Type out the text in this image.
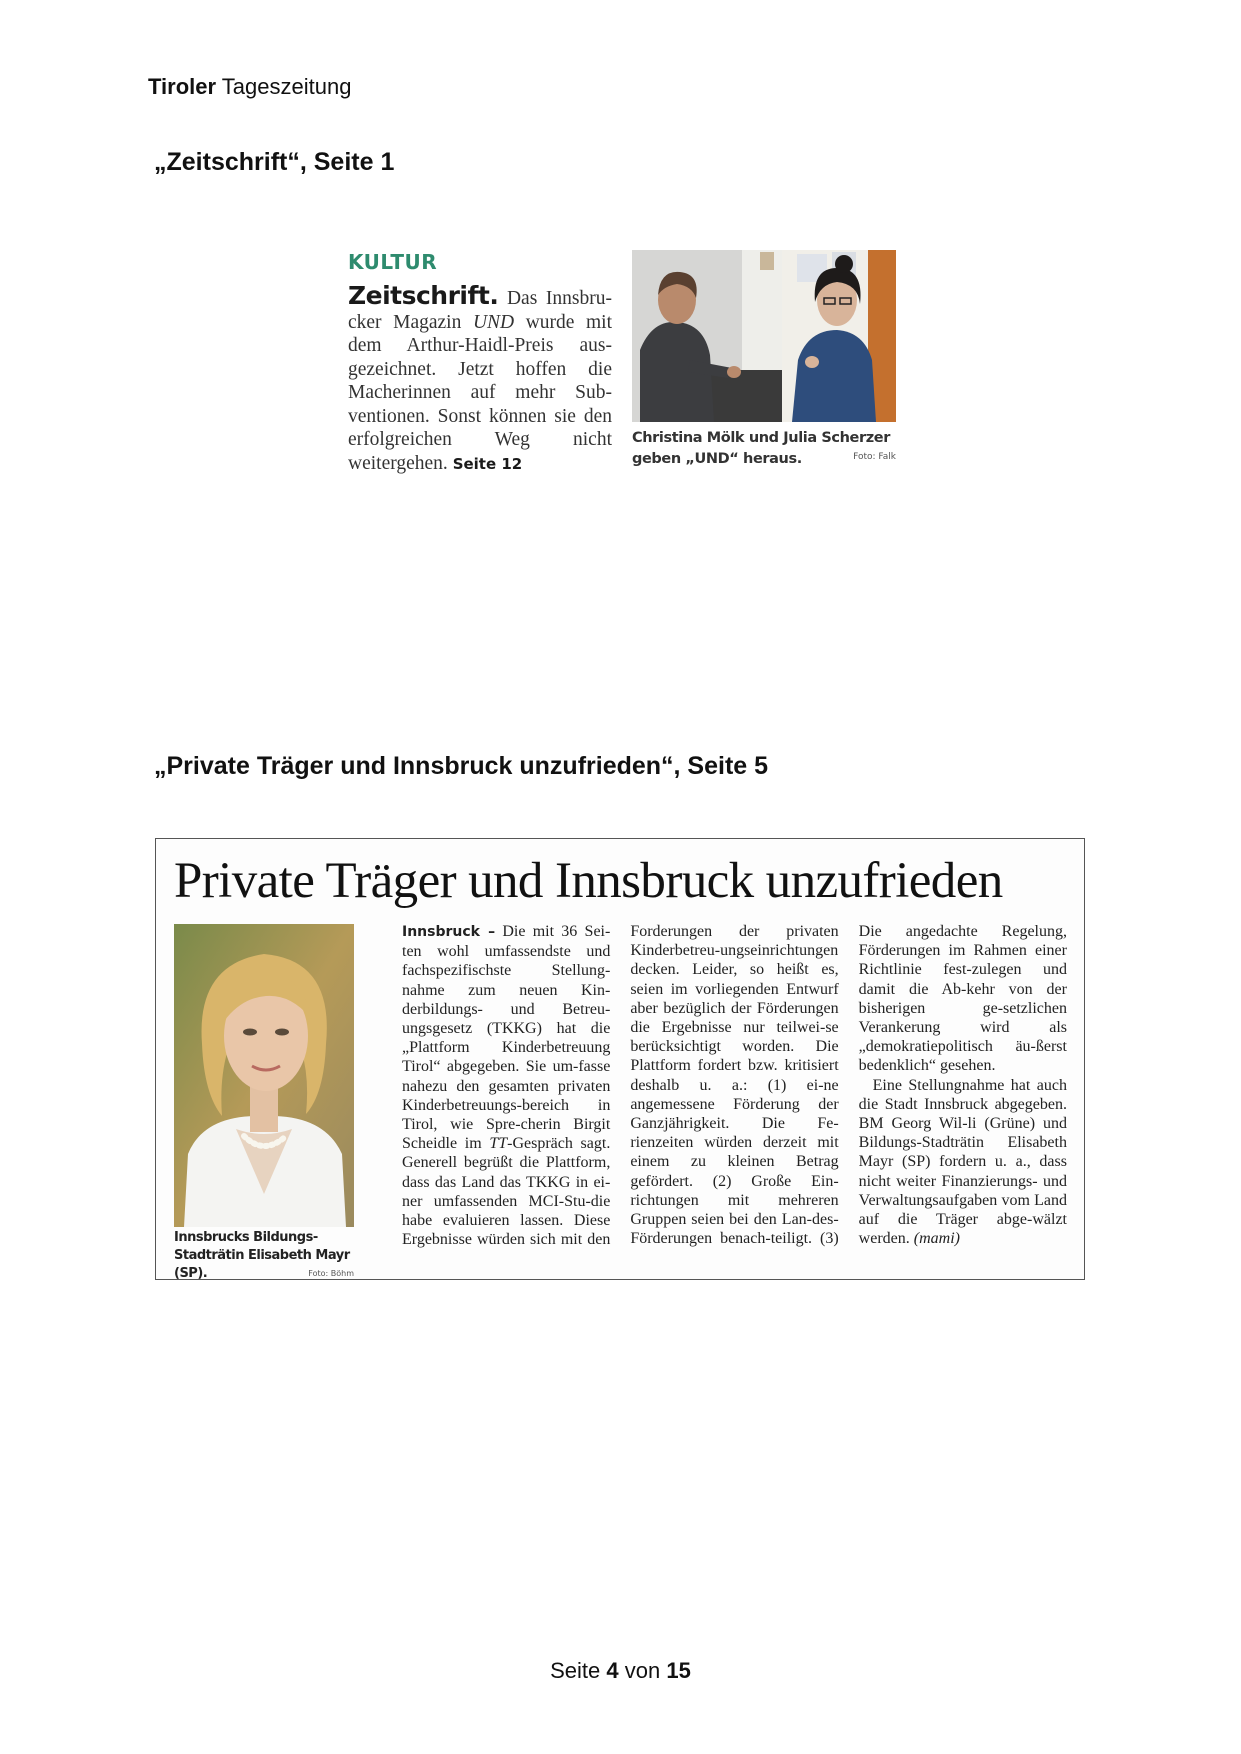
Tiroler Tageszeitung
„Zeitschrift“, Seite 1
KULTUR
Zeitschrift. Das Innsbru-cker Magazin UND wurde mit dem Arthur-Haidl-Preis aus-gezeichnet. Jetzt hoffen die Macherinnen auf mehr Sub-ventionen. Sonst können sie den erfolgreichen Weg nicht weitergehen. Seite 12
Christina Mölk und Julia Scherzer geben „UND“ heraus.	Foto: Falk
„Private Träger und Innsbruck unzufrieden“, Seite 5
Private Träger und Innsbruck unzufrieden
Innsbrucks Bildungs-Stadträtin Elisabeth Mayr (SP).	Foto: Böhm

Innsbruck – Die mit 36 Sei-ten wohl umfassendste und fachspezifischste Stellung-nahme zum neuen Kin-derbildungs- und Betreu-ungsgesetz (TKKG) hat die „Plattform Kinderbetreuung Tirol“ abgegeben. Sie um-fasse nahezu den gesamten privaten Kinderbetreuungs-bereich in Tirol, wie Spre-cherin Birgit Scheidle im TT-Gespräch sagt. Generell begrüßt die Plattform, dass das Land das TKKG in ei-ner umfassenden MCI-Stu-die habe evaluieren lassen. Diese Ergebnisse würden sich mit den Forderungen der privaten Kinderbetreu-ungseinrichtungen decken. Leider, so heißt es, seien im vorliegenden Entwurf aber bezüglich der Förderungen die Ergebnisse nur teilwei-se berücksichtigt worden. Die Plattform fordert bzw. kritisiert deshalb u. a.: (1) ei-ne angemessene Förderung der Ganzjährigkeit. Die Fe-rienzeiten würden derzeit mit einem zu kleinen Betrag gefördert. (2) Große Ein-richtungen mit mehreren Gruppen seien bei den Lan-des-Förderungen benach-teiligt. (3) Die angedachte Regelung, Förderungen im Rahmen einer Richtlinie fest-zulegen und damit die Ab-kehr von der bisherigen ge-setzlichen Verankerung wird als „demokratiepolitisch äu-ßerst bedenklich“ gesehen.

Eine Stellungnahme hat auch die Stadt Innsbruck abgegeben. BM Georg Wil-li (Grüne) und Bildungs-Stadträtin Elisabeth Mayr (SP) fordern u. a., dass nicht weiter Finanzierungs- und Verwaltungsaufgaben vom Land auf die Träger abge-wälzt werden. (mami)

Seite 4 von 15
